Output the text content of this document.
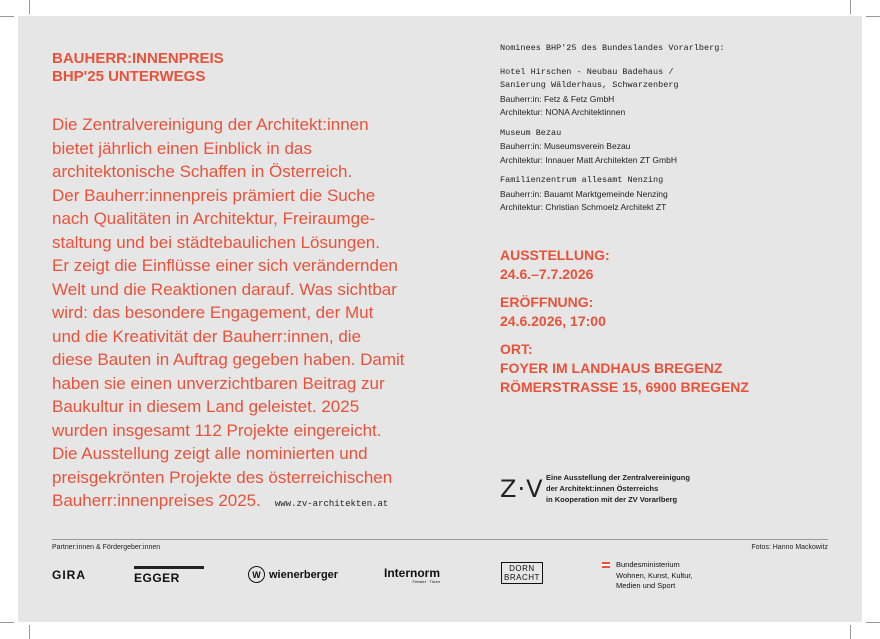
BAUHERR:INNENPREIS
BHP'25 UNTERWEGS

Die Zentralvereinigung der Architekt:innen
bietet jährlich einen Einblick in das
architektonische Schaffen in Österreich.
Der Bauherr:innenpreis prämiert die Suche
nach Qualitäten in Architektur, Freiraumge-
staltung und bei städtebaulichen Lösungen.
Er zeigt die Einflüsse einer sich verändernden
Welt und die Reaktionen darauf. Was sichtbar
wird: das besondere Engagement, der Mut
und die Kreativität der Bauherr:innen, die
diese Bauten in Auftrag gegeben haben. Damit
haben sie einen unverzichtbaren Beitrag zur
Baukultur in diesem Land geleistet. 2025
wurden insgesamt 112 Projekte eingereicht.
Die Ausstellung zeigt alle nominierten und
preisgekrönten Projekte des österreichischen
Bauherr:innenpreises 2025. www.zv-architekten.at

Nominees BHP'25 des Bundeslandes Vorarlberg:
Hotel Hirschen - Neubau Badehaus /
Sanierung Wälderhaus, Schwarzenberg
Bauherr:in: Fetz & Fetz GmbH
Architektur: NONA Architektinnen
Museum Bezau
Bauherr:in: Museumsverein Bezau
Architektur: Innauer Matt Architekten ZT GmbH
Familienzentrum allesamt Nenzing
Bauherr:in: Bauamt Marktgemeinde Nenzing
Architektur: Christian Schmoelz Architekt ZT
AUSSTELLUNG:
24.6.–7.7.2026
ERÖFFNUNG:
24.6.2026, 17:00
ORT:
FOYER IM LANDHAUS BREGENZ
RÖMERSTRASSE 15, 6900 BREGENZ
Z·V Eine Ausstellung der Zentralvereinigung
der Architekt:innen Österreichs
in Kooperation mit der ZV Vorarlberg
Partner:innen & Fördergeber:innen	Fotos: Hanno Mackowitz
GIRA	EGGER	W wienerberger	Internorm
Fenster · Türen
DORN
BRACHT
Bundesministerium
Wohnen, Kunst, Kultur,
Medien und Sport
